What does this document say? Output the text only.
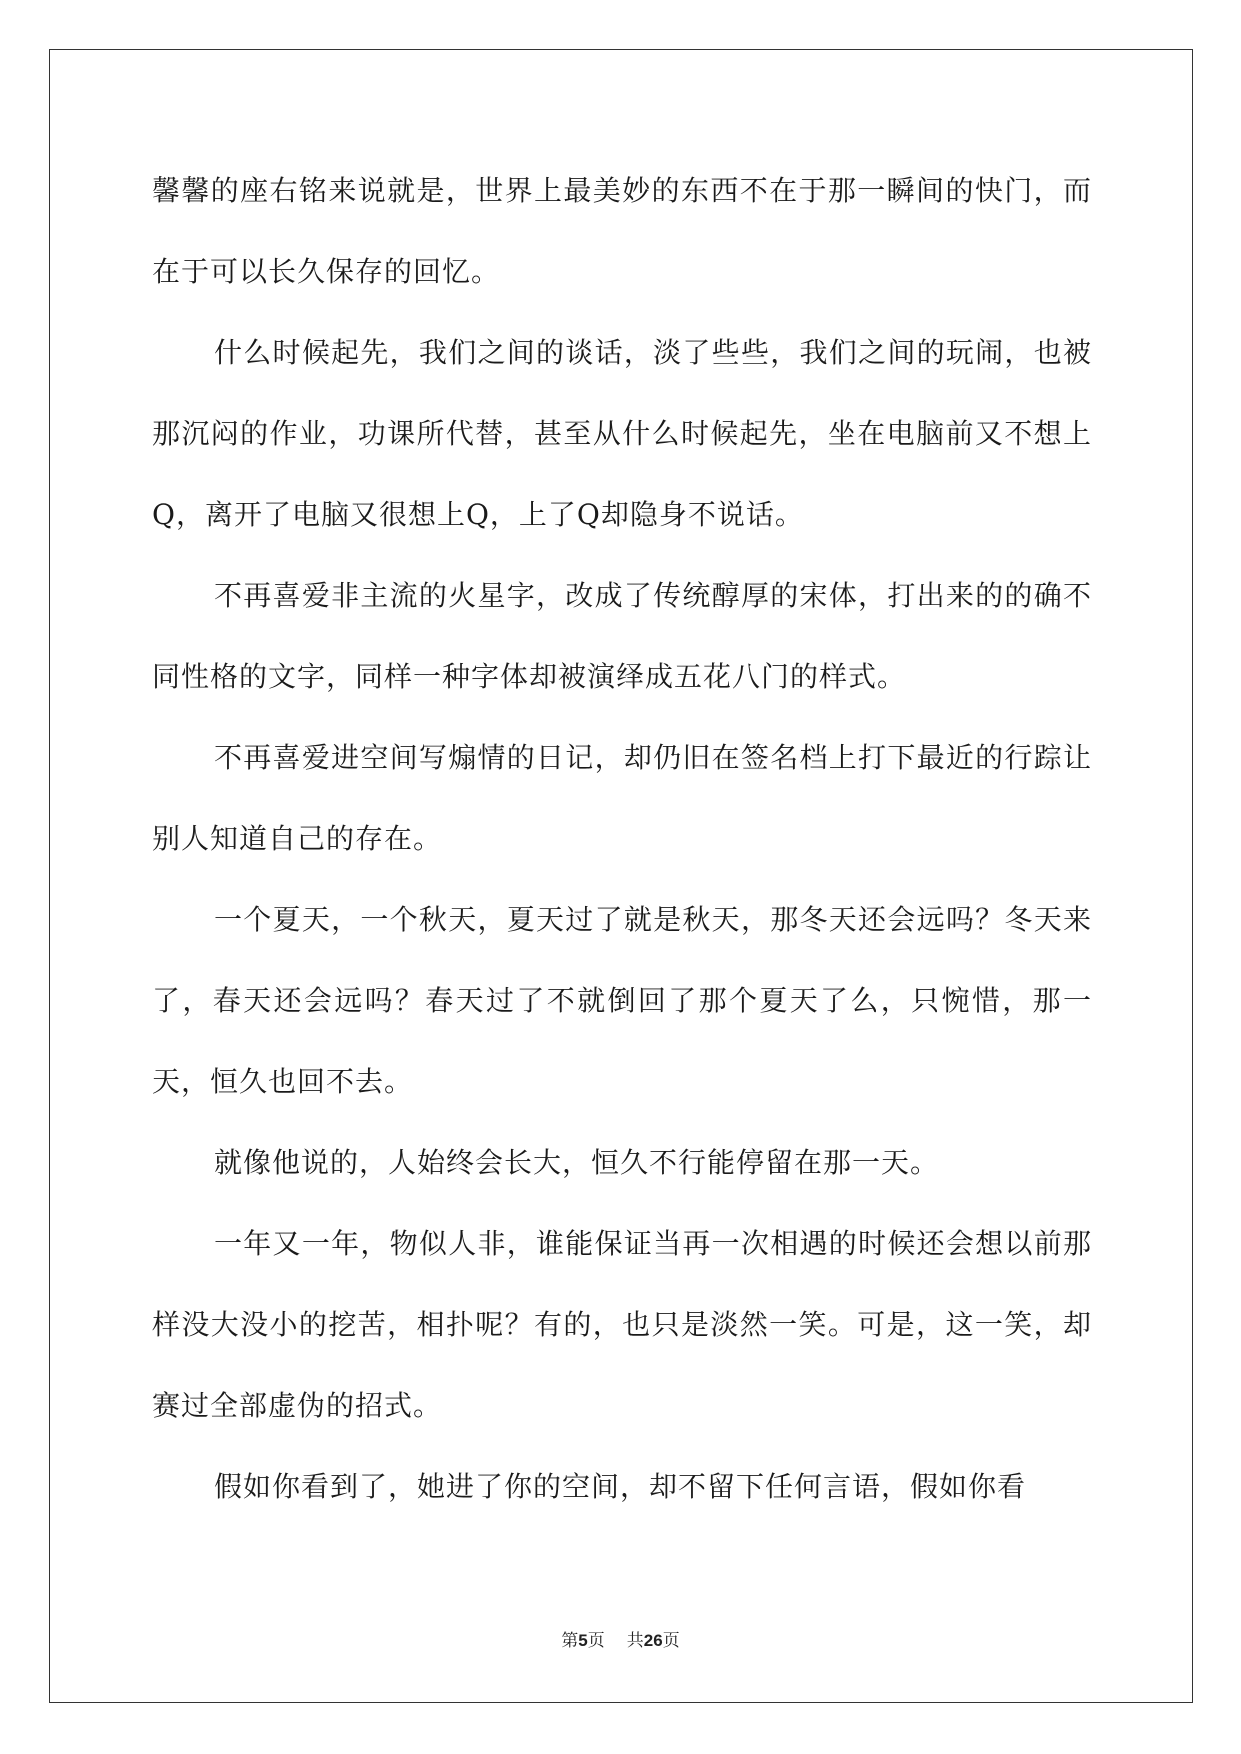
馨馨的座右铭来说就是，世界上最美妙的东西不在于那一瞬间的快门，而在于可以长久保存的回忆。

什么时候起先，我们之间的谈话，淡了些些，我们之间的玩闹，也被那沉闷的作业，功课所代替，甚至从什么时候起先，坐在电脑前又不想上Q，离开了电脑又很想上Q，上了Q却隐身不说话。

不再喜爱非主流的火星字，改成了传统醇厚的宋体，打出来的的确不同性格的文字，同样一种字体却被演绎成五花八门的样式。

不再喜爱进空间写煽情的日记，却仍旧在签名档上打下最近的行踪让别人知道自己的存在。

一个夏天，一个秋天，夏天过了就是秋天，那冬天还会远吗？冬天来了，春天还会远吗？春天过了不就倒回了那个夏天了么，只惋惜，那一天，恒久也回不去。

就像他说的，人始终会长大，恒久不行能停留在那一天。

一年又一年，物似人非，谁能保证当再一次相遇的时候还会想以前那样没大没小的挖苦，相扑呢？有的，也只是淡然一笑。可是，这一笑，却赛过全部虚伪的招式。

假如你看到了，她进了你的空间，却不留下任何言语，假如你看

第5页 共26页
